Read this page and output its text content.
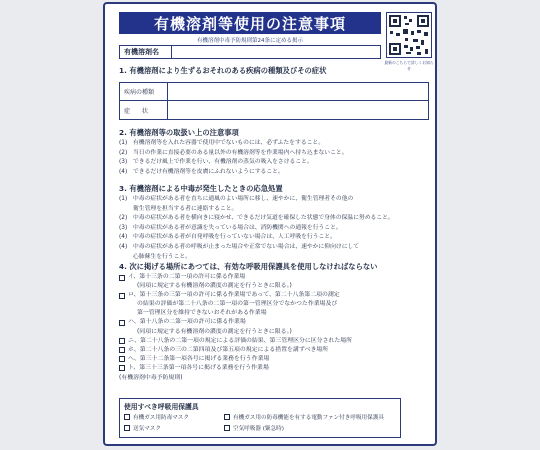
有機溶剤等使用の注意事項
有機溶剤中毒予防規則第24条に定める掲示
最新のこちらで詳しくお知らせ
有機溶剤名
1. 有機溶剤により生ずるおそれのある疾病の種類及びその症状
疾病の種類
症　　状
2. 有機溶剤等の取扱い上の注意事項
(1) 有機溶剤等を入れた容器で使用中でないものには、必ずふたをすること。
(2) 当日の作業に直接必要のある量以外の有機溶剤等を作業場内へ持ち込まないこと。
(3) できるだけ風上で作業を行い、有機溶剤の蒸気の吸入をさけること。
(4) できるだけ有機溶剤等を皮膚にふれないようにすること。
3. 有機溶剤による中毒が発生したときの応急処置
(1) 中毒の症状がある者を直ちに通風のよい場所に移し、速やかに、衛生管理者その他の
衛生管理を担当する者に連絡すること。
(2) 中毒の症状がある者を横向きに寝かせ、できるだけ気道を確保した状態で身体の保温に努めること。
(3) 中毒の症状がある者が意識を失っている場合は、消防機関への通報を行うこと。
(4) 中毒の症状がある者が自発呼吸を行っていない場合は、人工呼吸を行うこと。
(4) 中毒の症状がある者の呼吸が止まった場合や正常でない場合は、速やかに仰向けにして
心肺蘇生を行うこと。
4. 次に掲げる場所にあつては、有効な呼吸用保護具を使用しなければならない
イ、第十三条の二第一項の許可に係る作業場
(同項に規定する有機溶剤の濃度の測定を行うときに限る。)
ロ、第十三条の三第一項の許可に係る作業場であって、第二十八条第二項の測定
の結果の評価が第二十八条の二第一項の第一管理区分でなかつた作業場及び
第一管理区分を維持できないおそれがある作業場
ハ、第十八条の二第一項の許可に係る作業場
(同項に規定する有機溶剤の濃度の測定を行うときに限る。)
ニ、第二十八条の二第一項の規定による評価の結果、第三管理区分に区分された場所
ホ、第二十八条の三の二第四項及び第五項の規定による措置を講ずべき場所
へ、第三十二条第一項各号に掲げる業務を行う作業場
ト、第三十三条第一項各号に掲げる業務を行う作業場
(有機溶剤中毒予防規則)
使用すべき呼吸用保護具
有機ガス用防毒マスク	有機ガス用の防毒機能を有する電動ファン付き呼吸用保護具
送気マスク	空気呼吸器 (緊急時)
